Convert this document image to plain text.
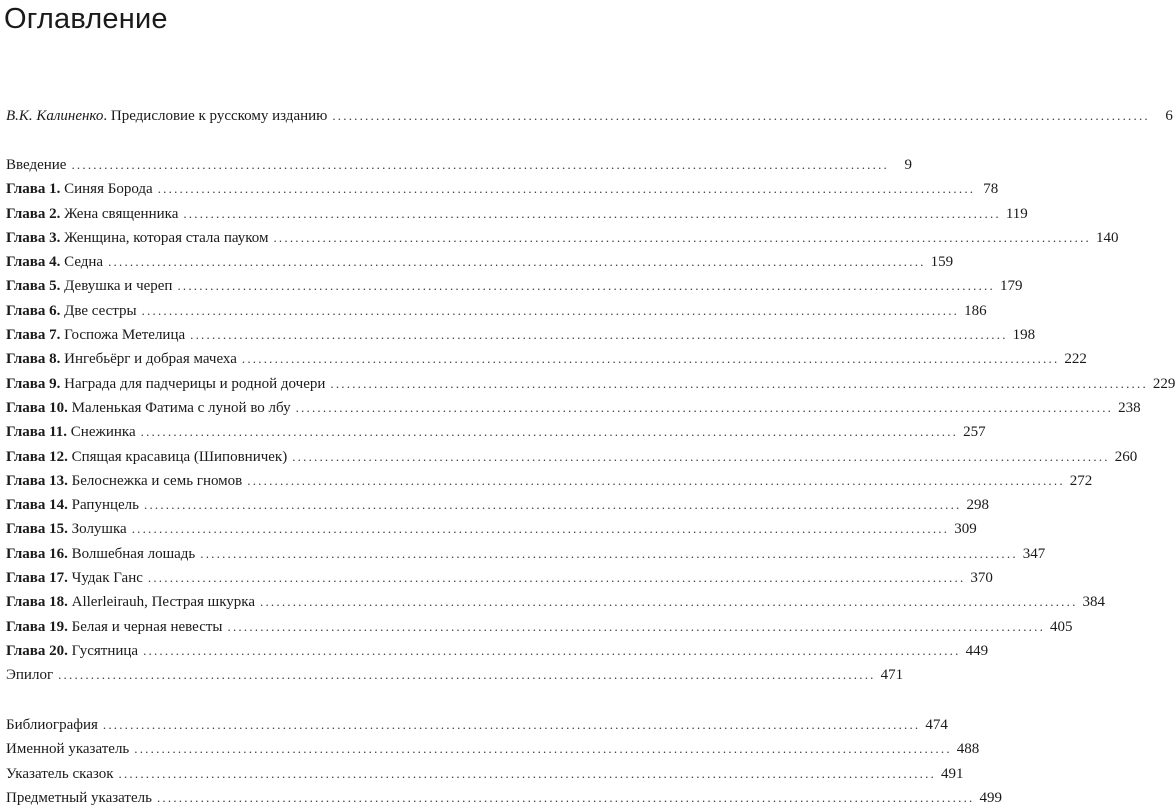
Оглавление
В.К. Калиненко. Предисловие к русскому изданию ......................................................................................................................................................	6
Введение ......................................................................................................................................................	9
Глава 1. Синяя Борода ...................................................................................................................................................... 78
Глава 2. Жена священника ...................................................................................................................................................... 119
Глава 3. Женщина, которая стала пауком ...................................................................................................................................................... 140
Глава 4. Седна ...................................................................................................................................................... 159
Глава 5. Девушка и череп ...................................................................................................................................................... 179
Глава 6. Две сестры ...................................................................................................................................................... 186
Глава 7. Госпожа Метелица ...................................................................................................................................................... 198
Глава 8. Ингебьёрг и добрая мачеха ...................................................................................................................................................... 222
Глава 9. Награда для падчерицы и родной дочери ...................................................................................................................................................... 229
Глава 10. Маленькая Фатима с луной во лбу ...................................................................................................................................................... 238
Глава 11. Снежинка ...................................................................................................................................................... 257
Глава 12. Спящая красавица (Шиповничек) ...................................................................................................................................................... 260
Глава 13. Белоснежка и семь гномов ...................................................................................................................................................... 272
Глава 14. Рапунцель ...................................................................................................................................................... 298
Глава 15. Золушка ...................................................................................................................................................... 309
Глава 16. Волшебная лошадь ...................................................................................................................................................... 347
Глава 17. Чудак Ганс ...................................................................................................................................................... 370
Глава 18. Allerleirauh, Пестрая шкурка ...................................................................................................................................................... 384
Глава 19. Белая и черная невесты ...................................................................................................................................................... 405
Глава 20. Гусятница ...................................................................................................................................................... 449
Эпилог ...................................................................................................................................................... 471
Библиография ...................................................................................................................................................... 474
Именной указатель ...................................................................................................................................................... 488
Указатель сказок ...................................................................................................................................................... 491
Предметный указатель ...................................................................................................................................................... 499
